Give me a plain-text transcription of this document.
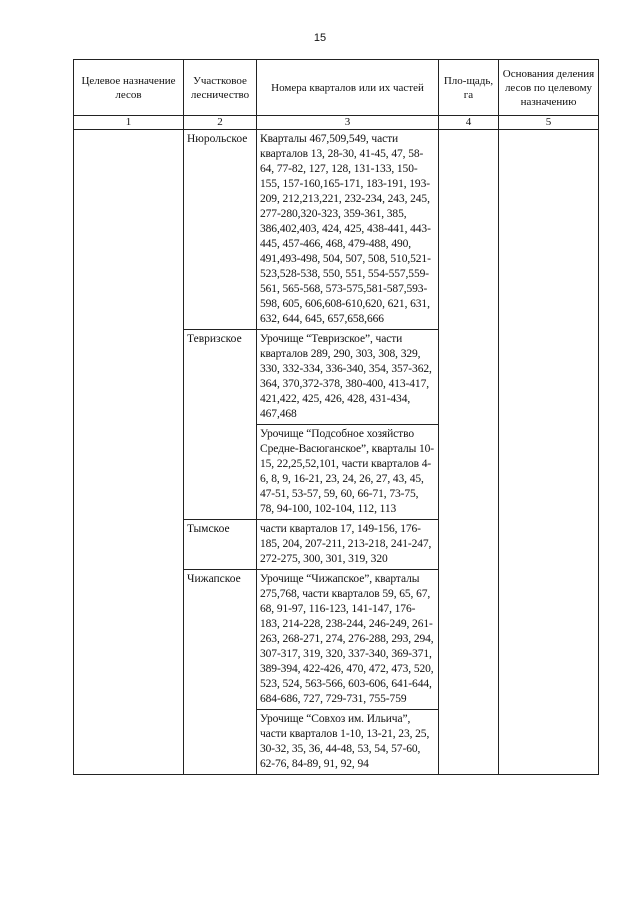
15
Целевое назначение лесов	Участковое лесничество	Номера кварталов или их частей	Пло-щадь, га	Основания деления лесов по целевому назначению
1	2	3	4	5
	Нюрольское	Кварталы 467,509,549, части кварталов 13, 28-30, 41-45, 47, 58-64, 77-82, 127, 128, 131-133, 150-155, 157-160,165-171, 183-191, 193-209, 212,213,221, 232-234, 243, 245, 277-280,320-323, 359-361, 385, 386,402,403, 424, 425, 438-441, 443-445, 457-466, 468, 479-488, 490, 491,493-498, 504, 507, 508, 510,521-523,528-538, 550, 551, 554-557,559-561, 565-568, 573-575,581-587,593-598, 605, 606,608-610,620, 621, 631, 632, 644, 645, 657,658,666		
	Тевризское	Урочище “Тевризское”, части кварталов 289, 290, 303, 308, 329, 330, 332-334, 336-340, 354, 357-362, 364, 370,372-378, 380-400, 413-417, 421,422, 425, 426, 428, 431-434, 467,468		
		Урочище “Подсобное хозяйство Средне-Васюганское”, кварталы 10-15, 22,25,52,101, части кварталов 4-6, 8, 9, 16-21, 23, 24, 26, 27, 43, 45, 47-51, 53-57, 59, 60, 66-71, 73-75, 78, 94-100, 102-104, 112, 113		
	Тымское	части кварталов 17, 149-156, 176-185, 204, 207-211, 213-218, 241-247, 272-275, 300, 301, 319, 320		
	Чижапское	Урочище “Чижапское”, кварталы 275,768, части кварталов 59, 65, 67, 68, 91-97, 116-123, 141-147, 176-183, 214-228, 238-244, 246-249, 261-263, 268-271, 274, 276-288, 293, 294, 307-317, 319, 320, 337-340, 369-371, 389-394, 422-426, 470, 472, 473, 520, 523, 524, 563-566, 603-606, 641-644, 684-686, 727, 729-731, 755-759		
		Урочище “Совхоз им. Ильича”, части кварталов 1-10, 13-21, 23, 25, 30-32, 35, 36, 44-48, 53, 54, 57-60, 62-76, 84-89, 91, 92, 94		
